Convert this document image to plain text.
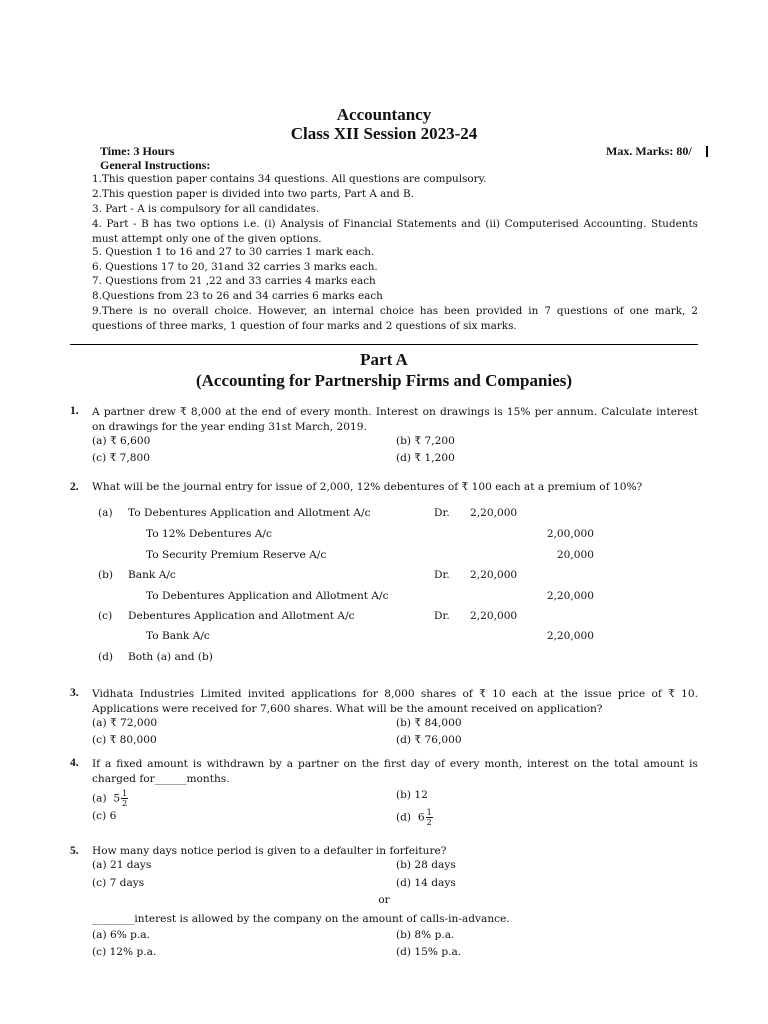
Accountancy
Class XII Session 2023-24
Time: 3 Hours	Max. Marks: 80/
General Instructions:
1.This question paper contains 34 questions. All questions are compulsory.
2.This question paper is divided into two parts, Part A and B.
3. Part - A is compulsory for all candidates.
4. Part - B has two options i.e. (i) Analysis of Financial Statements and (ii) Computerised Accounting. Students must attempt only one of the given options.
5. Question 1 to 16 and 27 to 30 carries 1 mark each.
6. Questions 17 to 20, 31and 32 carries 3 marks each.
7. Questions from 21 ,22 and 33 carries 4 marks each
8.Questions from 23 to 26 and 34 carries 6 marks each
9.There is no overall choice. However, an internal choice has been provided in 7 questions of one mark, 2 questions of three marks, 1 question of four marks and 2 questions of six marks.
Part A
(Accounting for Partnership Firms and Companies)
1. A partner drew ₹ 8,000 at the end of every month. Interest on drawings is 15% per annum. Calculate interest on drawings for the year ending 31st March, 2019.
(a) ₹ 6,600	(b) ₹ 7,200
(c) ₹ 7,800	(d) ₹ 1,200
2. What will be the journal entry for issue of 2,000, 12% debentures of ₹ 100 each at a premium of 10%?
(a) To Debentures Application and Allotment A/c	Dr. 2,20,000
To 12% Debentures A/c	2,00,000
To Security Premium Reserve A/c	20,000
(b) Bank A/c	Dr. 2,20,000
To Debentures Application and Allotment A/c	2,20,000
(c) Debentures Application and Allotment A/c	Dr. 2,20,000
To Bank A/c	2,20,000
(d) Both (a) and (b)
3. Vidhata Industries Limited invited applications for 8,000 shares of ₹ 10 each at the issue price of ₹ 10. Applications were received for 7,600 shares. What will be the amount received on application?
(a) ₹ 72,000	(b) ₹ 84,000
(c) ₹ 80,000	(d) ₹ 76,000
4. If a fixed amount is withdrawn by a partner on the first day of every month, interest on the total amount is charged for______months.
(a) $5 \frac{1}{2}$	(b) 12
(c) 6	(d) $6 \frac{1}{2}$
5. How many days notice period is given to a defaulter in forfeiture?
(a) 21 days	(b) 28 days
(c) 7 days	(d) 14 days
or
________interest is allowed by the company on the amount of calls-in-advance.
(a) 6% p.a.	(b) 8% p.a.
(c) 12% p.a.	(d) 15% p.a.
